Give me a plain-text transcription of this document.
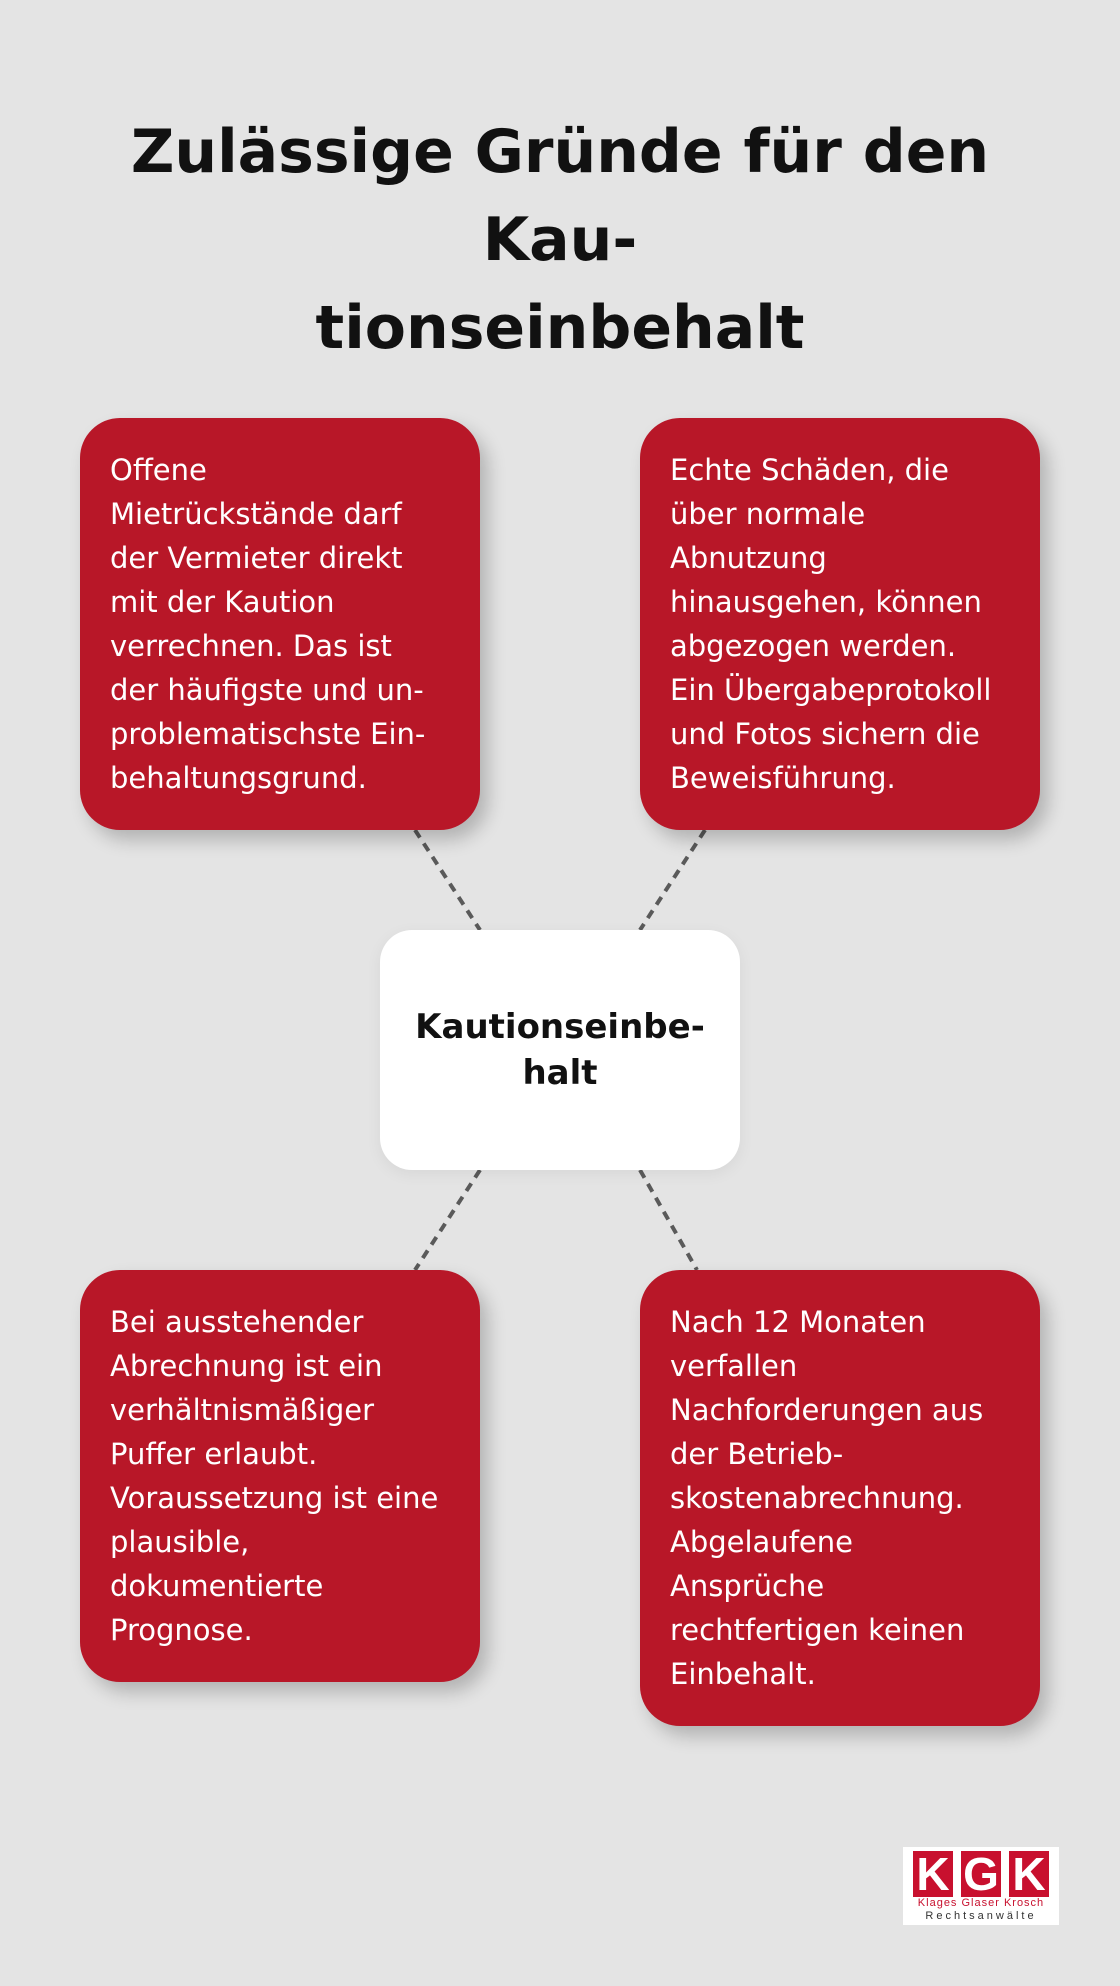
Zulässige Gründe für den Kau-
tionseinbehalt
Offene
Mietrückstände darf
der Vermieter direkt
mit der Kaution
verrechnen. Das ist
der häufigste und un-
problematischste Ein-
behaltungsgrund.
Echte Schäden, die
über normale
Abnutzung
hinausgehen, können
abgezogen werden.
Ein Übergabeprotokoll
und Fotos sichern die
Beweisführung.
Kautionseinbe-
halt
Bei ausstehender
Abrechnung ist ein
verhältnismäßiger
Puffer erlaubt.
Voraussetzung ist eine
plausible,
dokumentierte
Prognose.
Nach 12 Monaten
verfallen
Nachforderungen aus
der Betrieb-
skostenabrechnung.
Abgelaufene
Ansprüche
rechtfertigen keinen
Einbehalt.
K G K
Klages Glaser Krosch
Rechtsanwälte
